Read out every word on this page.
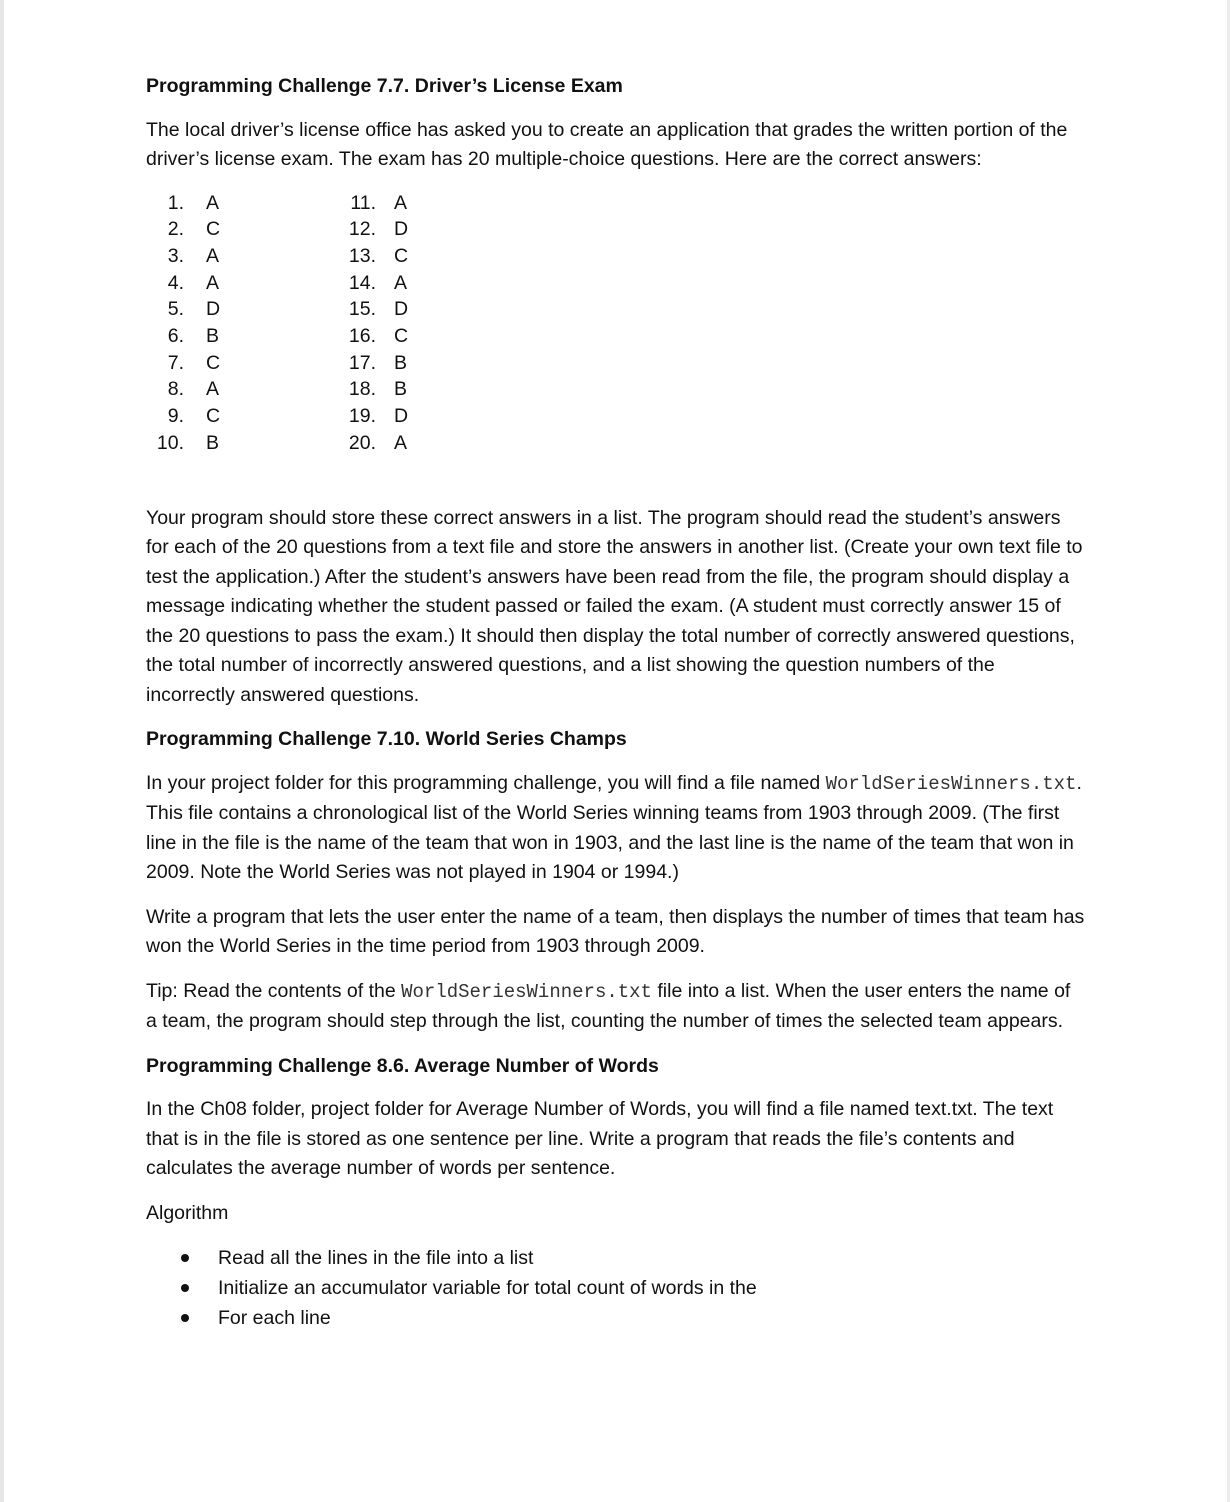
Programming Challenge 7.7. Driver’s License Exam
The local driver’s license office has asked you to create an application that grades the written portion of the driver’s license exam. The exam has 20 multiple-choice questions. Here are the correct answers:
1. A
2. C
3. A
4. A
5. D
6. B
7. C
8. A
9. C
10. B
11. A
12. D
13. C
14. A
15. D
16. C
17. B
18. B
19. D
20. A
Your program should store these correct answers in a list. The program should read the student’s answers for each of the 20 questions from a text file and store the answers in another list. (Create your own text file to test the application.) After the student’s answers have been read from the file, the program should display a message indicating whether the student passed or failed the exam. (A student must correctly answer 15 of the 20 questions to pass the exam.) It should then display the total number of correctly answered questions, the total number of incorrectly answered questions, and a list showing the question numbers of the incorrectly answered questions.
Programming Challenge 7.10. World Series Champs
In your project folder for this programming challenge, you will find a file named WorldSeriesWinners.txt. This file contains a chronological list of the World Series winning teams from 1903 through 2009. (The first line in the file is the name of the team that won in 1903, and the last line is the name of the team that won in 2009. Note the World Series was not played in 1904 or 1994.)
Write a program that lets the user enter the name of a team, then displays the number of times that team has won the World Series in the time period from 1903 through 2009.
Tip: Read the contents of the WorldSeriesWinners.txt file into a list. When the user enters the name of a team, the program should step through the list, counting the number of times the selected team appears.
Programming Challenge 8.6. Average Number of Words
In the Ch08 folder, project folder for Average Number of Words, you will find a file named text.txt. The text that is in the file is stored as one sentence per line. Write a program that reads the file’s contents and calculates the average number of words per sentence.
Algorithm
Read all the lines in the file into a list
Initialize an accumulator variable for total count of words in the
For each line
